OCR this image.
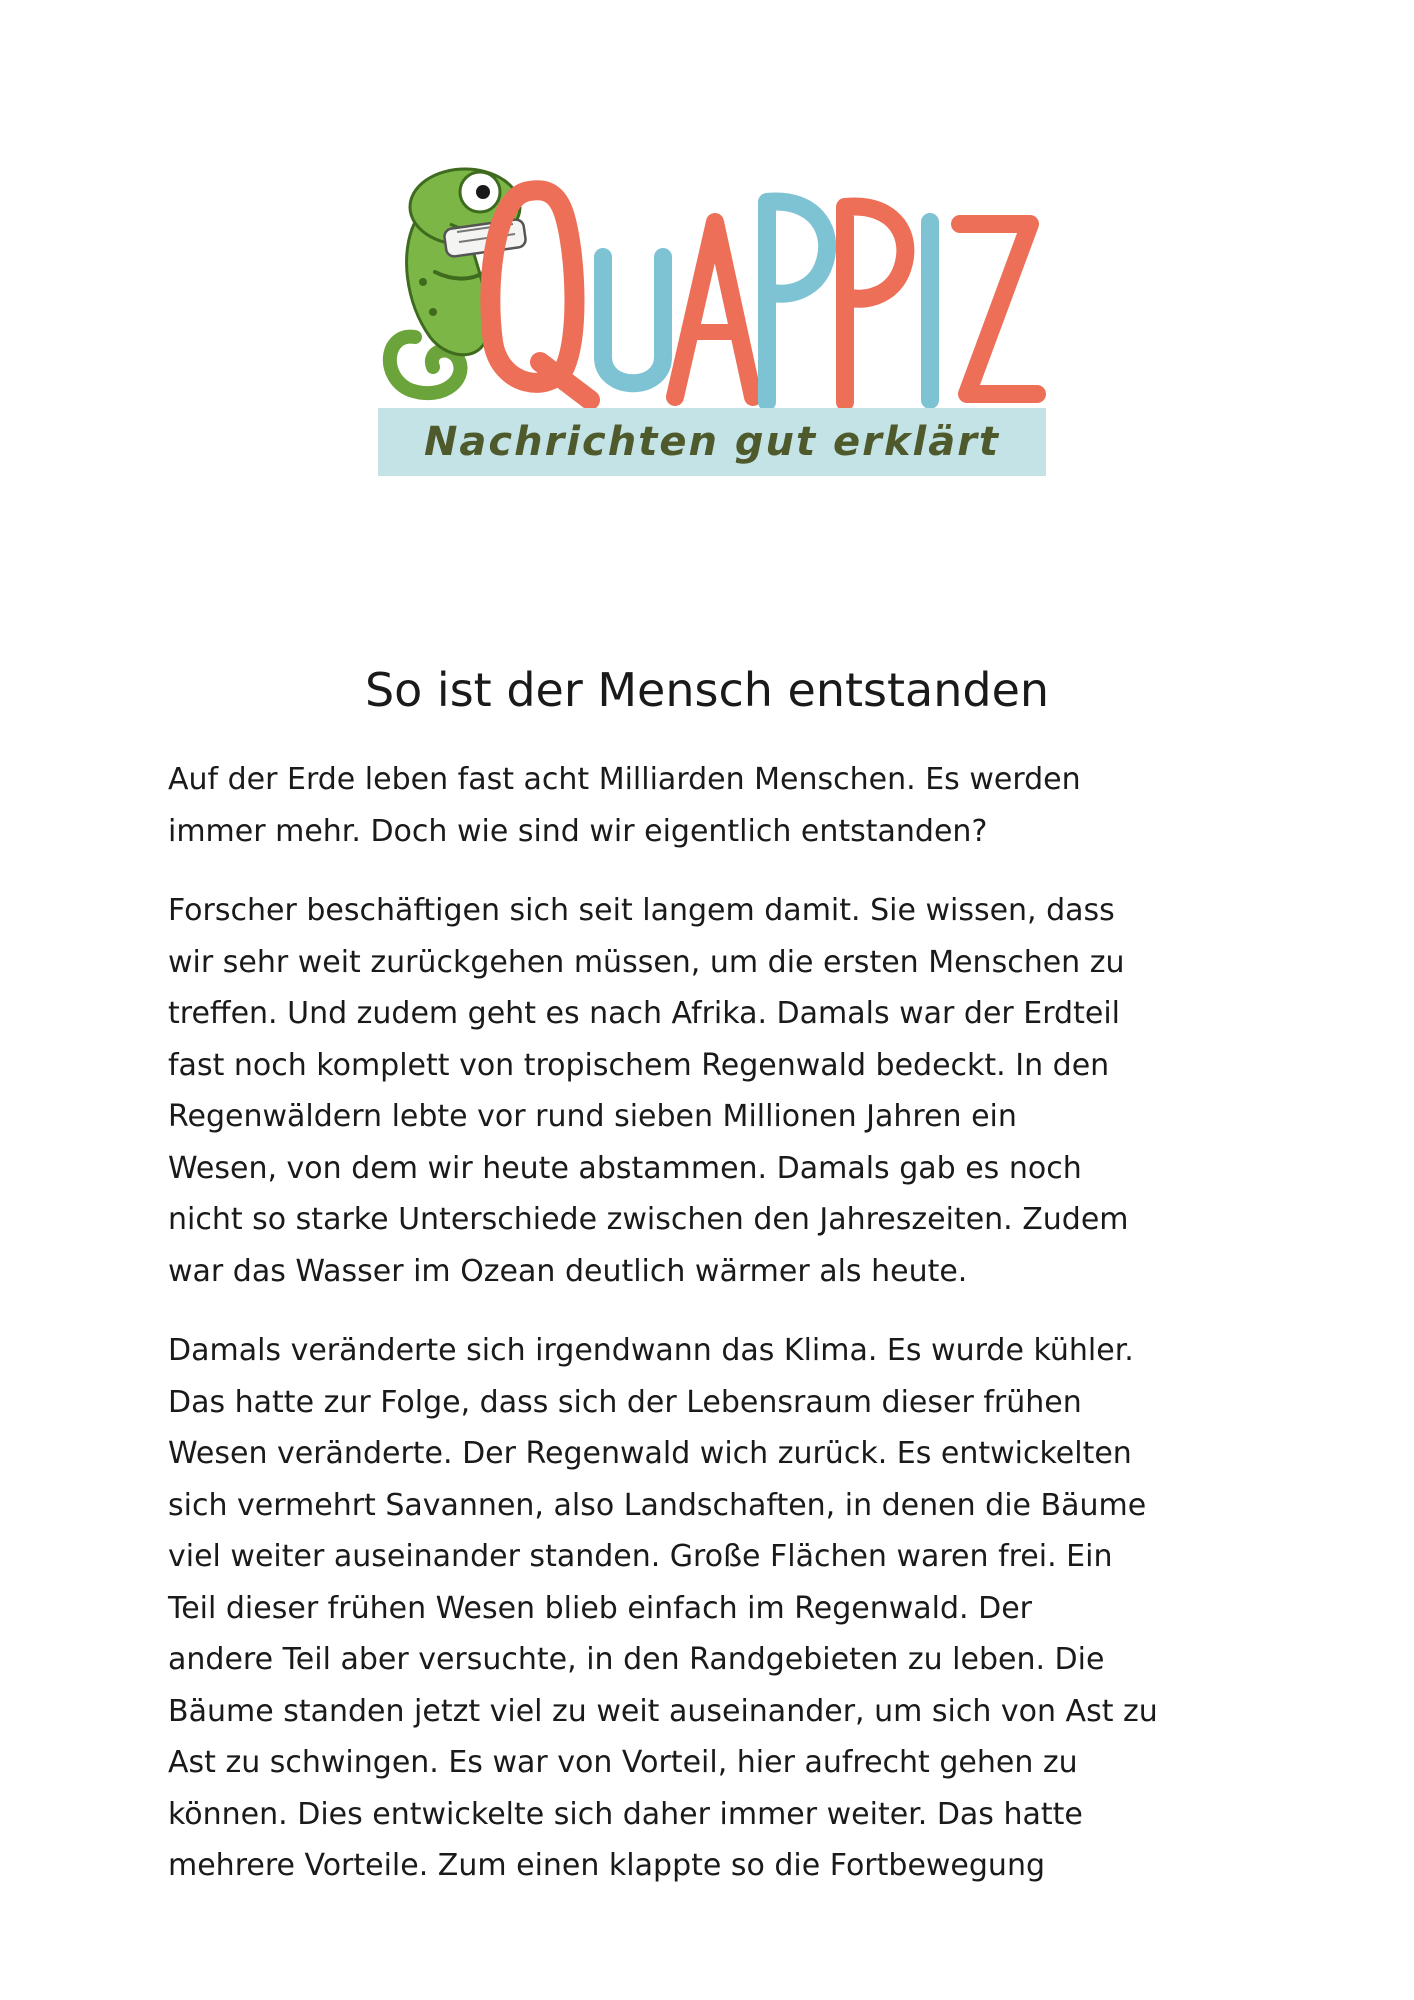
Nachrichten gut erklärt
So ist der Mensch entstanden

Auf der Erde leben fast acht Milliarden Menschen. Es werden
immer mehr. Doch wie sind wir eigentlich entstanden?

Forscher beschäftigen sich seit langem damit. Sie wissen, dass
wir sehr weit zurückgehen müssen, um die ersten Menschen zu
treffen. Und zudem geht es nach Afrika. Damals war der Erdteil
fast noch komplett von tropischem Regenwald bedeckt. In den
Regenwäldern lebte vor rund sieben Millionen Jahren ein
Wesen, von dem wir heute abstammen. Damals gab es noch
nicht so starke Unterschiede zwischen den Jahreszeiten. Zudem
war das Wasser im Ozean deutlich wärmer als heute.

Damals veränderte sich irgendwann das Klima. Es wurde kühler.
Das hatte zur Folge, dass sich der Lebensraum dieser frühen
Wesen veränderte. Der Regenwald wich zurück. Es entwickelten
sich vermehrt Savannen, also Landschaften, in denen die Bäume
viel weiter auseinander standen. Große Flächen waren frei. Ein
Teil dieser frühen Wesen blieb einfach im Regenwald. Der
andere Teil aber versuchte, in den Randgebieten zu leben. Die
Bäume standen jetzt viel zu weit auseinander, um sich von Ast zu
Ast zu schwingen. Es war von Vorteil, hier aufrecht gehen zu
können. Dies entwickelte sich daher immer weiter. Das hatte
mehrere Vorteile. Zum einen klappte so die Fortbewegung
